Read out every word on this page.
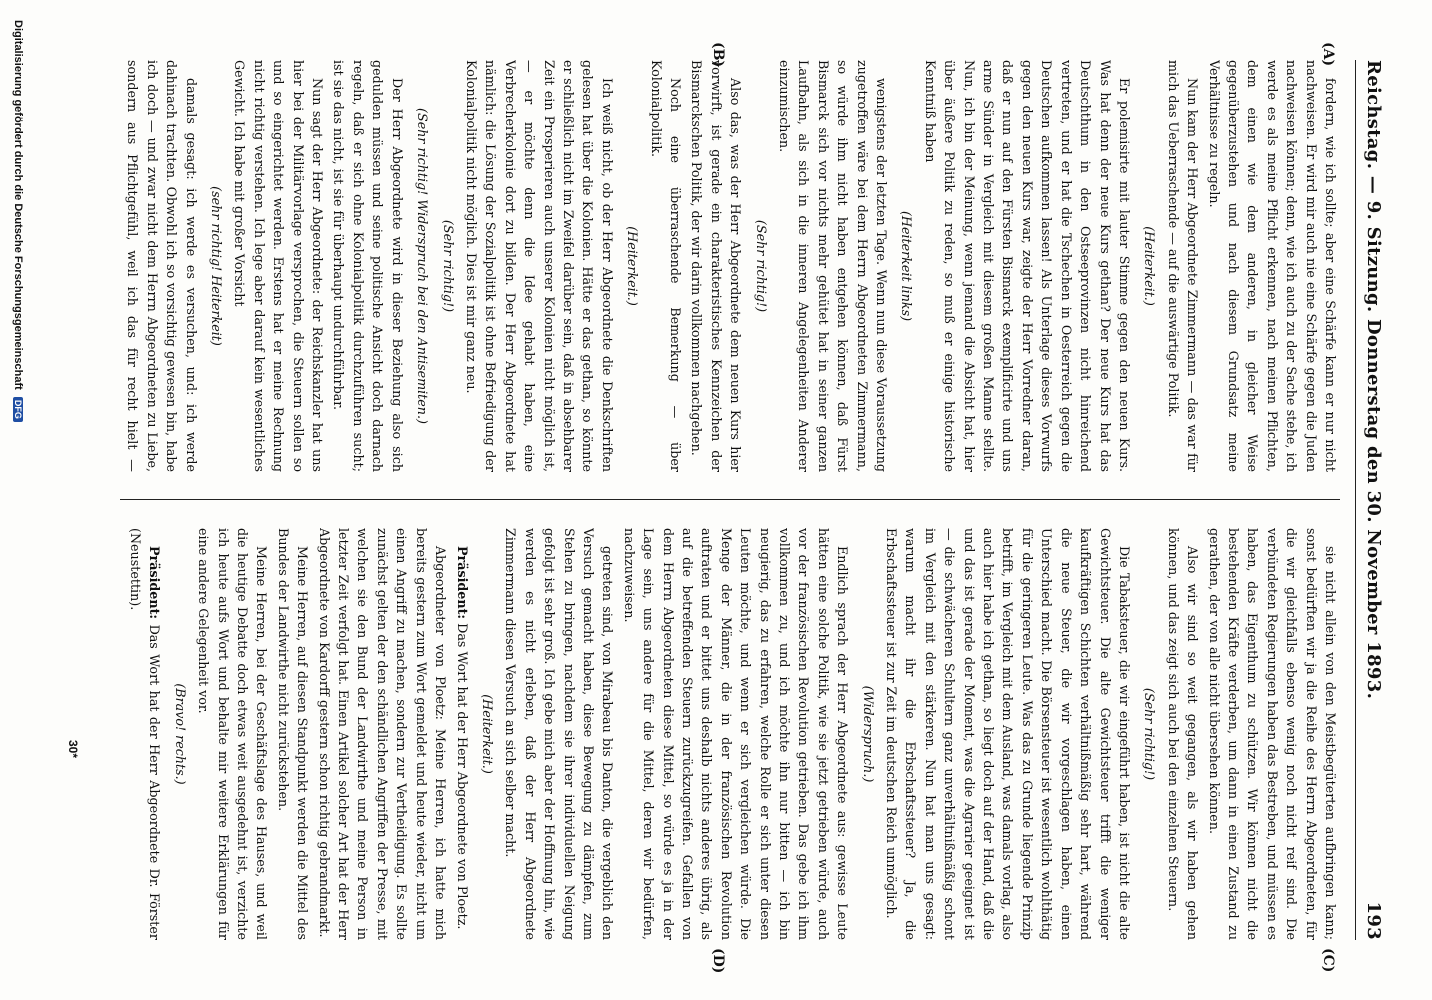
Reichstag. — 9. Sitzung. Donnerstag den 30. November 1893.
193
(A)
(B)
(C)
(D)

fordern, wie ich sollte; aber eine Schärfe kann er nur nicht nachweisen. Er wird mir auch nie eine Schärfe gegen die Juden nachweisen können; denn, wie ich auch zu der Sache stehe, ich werde es als meine Pflicht erkennen, nach meinen Pflichten, dem einen wie dem anderen, in gleicher Weise gegenüberzustehen und nach diesem Grundsatz meine Verhältnisse zu regeln.

Nun kam der Herr Abgeordnete Zimmermann — das war für mich das Ueberraschende — auf die auswärtige Politik.

(Heiterkeit.)

Er polemisirte mit lauter Stimme gegen den neuen Kurs. Was hat denn der neue Kurs gethan? Der neue Kurs hat das Deutschthum in den Ostseeprovinzen nicht hinreichend vertreten, und er hat die Tschechen in Oesterreich gegen die Deutschen aufkommen lassen! Als Unterlage dieses Vorwurfs gegen den neuen Kurs war, zeigte der Herr Vorredner daran, daß er nun auf den Fürsten Bismarck exemplificirte und uns arme Sünder in Vergleich mit diesem großen Manne stellte. Nun, ich bin der Meinung, wenn jemand die Absicht hat, hier über äußere Politik zu reden, so muß er einige historische Kenntniß haben

(Heiterkeit links)

wenigstens der letzten Tage. Wenn nun diese Voraussetzung zugetroffen wäre bei dem Herrn Abgeordneten Zimmermann, so würde ihm nicht haben entgehen können, daß Fürst Bismarck sich vor nichts mehr gehütet hat in seiner ganzen Laufbahn, als sich in die inneren Angelegenheiten Anderer einzumischen.

(Sehr richtig!)

Also das, was der Herr Abgeordnete dem neuen Kurs hier vorwirft, ist gerade ein charakteristisches Kennzeichen der Bismarckschen Politik, der wir darin vollkommen nachgehen.

Noch eine überraschende Bemerkung — über Kolonialpolitik.

(Heiterkeit.)

Ich weiß nicht, ob der Herr Abgeordnete die Denkschriften gelesen hat über die Kolonien. Hätte er das gethan, so könnte er schließlich nicht im Zweifel darüber sein, daß in absehbarer Zeit ein Prosperieren auch unserer Kolonien nicht möglich ist, — er möchte denn die Idee gehabt haben, eine Verbrecherkolonie dort zu bilden. Der Herr Abgeordnete hat nämlich: die Lösung der Sozialpolitik ist ohne Befriedigung der Kolonialpolitik nicht möglich. Dies ist mir ganz neu.

(Sehr richtig!)

(Sehr richtig! Widerspruch bei den Antisemiten.)

Der Herr Abgeordnete wird in dieser Beziehung also sich gedulden müssen und seine politische Ansicht doch darnach regeln, daß er sich ohne Kolonialpolitik durchzuführen sucht; ist sie das nicht, ist sie für überhaupt undurchführbar.

Nun sagt der Herr Abgeordnete: der Reichskanzler hat uns hier bei der Militärvorlage versprochen, die Steuern sollen so und so eingerichtet werden. Erstens hat er meine Rechnung nicht richtig verstehen. Ich lege aber darauf kein wesentliches Gewicht. Ich habe mit großer Vorsicht

(sehr richtig! Heiterkeit)

damals gesagt: ich werde es versuchen, und: ich werde dahinach trachten. Obwohl ich so vorsichtig gewesen bin, habe ich doch — und zwar nicht dem Herrn Abgeordneten zu Liebe, sondern aus Pflichtgefühl, weil ich das für recht hielt —

sie nicht allein von den Meistbegüterten aufbringen kann; sonst bedürften wir ja die Reihe des Herrn Abgeordneten, für die wir gleichfalls ebenso wenig noch nicht reif sind. Die verbündeten Regierungen haben das Bestreben, und müssen es haben, das Eigenthum zu schützen. Wir können nicht die bestehenden Kräfte verderben, um dann in einen Zustand zu gerathen, der von alle nicht übersehen können.

Also wir sind so weit gegangen, als wir haben gehen können, und das zeigt sich auch bei den einzelnen Steuern.

(Sehr richtig!)

Die Tabaksteuer, die wir eingeführt haben, ist nicht die alte Gewichtsteuer. Die alte Gewichtsteuer trifft die weniger kaufkräftigen Schichten verhältnißmäßig sehr hart, während die neue Steuer, die wir vorgeschlagen haben, einen Unterschied macht. Die Börsensteuer ist wesentlich wohlthätig für die geringeren Leute. Was das zu Grunde liegende Prinzip betrifft, im Vergleich mit dem Ausland, was damals vorlag, also auch hier habe ich gethan, so liegt doch auf der Hand, daß die und das ist gerade der Moment, was die Agrarier geeignet ist — die schwächeren Schultern ganz unverhältnißmäßig schont im Vergleich mit den stärkeren. Nun hat man uns gesagt: warum macht ihr die Erbschaftssteuer? Ja, die Erbschaftssteuer ist zur Zeit im deutschen Reich unmöglich.

(Widerspruch.)

Endlich sprach der Herr Abgeordnete aus: gewisse Leute hätten eine solche Politik, wie sie jetzt getrieben würde, auch vor der französischen Revolution getrieben. Das gebe ich ihm vollkommen zu, und ich möchte ihn nur bitten — ich bin neugierig, das zu erfahren, welche Rolle er sich unter diesen Leuten möchte, und wenn er sich vergleichen würde. Die Menge der Männer, die in der französischen Revolution auftraten und er bittet uns deshalb nichts anderes übrig, als auf die betreffenden Steuern zurückzugreifen. Gefallen von dem Herrn Abgeordneten diese Mittel, so würde es ja in der Lage sein, uns andere für die Mittel, deren wir bedürfen, nachzuweisen.

getreten sind, von Mirabeau bis Danton, die vergeblich den Versuch gemacht haben, diese Bewegung zu dämpfen, zum Stehen zu bringen, nachdem sie ihrer individuellen Neigung gefolgt ist sehr groß. Ich gebe mich aber der Hoffnung hin, wie werden es nicht erleben, daß der Herr Abgeordnete Zimmermann diesen Versuch an sich selber macht.

(Heiterkeit.)

Präsident: Das Wort hat der Herr Abgeordnete von Ploetz.

Abgeordneter von Ploetz: Meine Herren, ich hatte mich bereits gestern zum Wort gemeldet und heute wieder, nicht um einen Angriff zu machen, sondern zur Vertheidigung. Es sollte zunächst gelten der den schändlichen Angriffen der Presse, mit welchen sie den Bund der Landwirthe und meine Person in letzter Zeit verfolgt hat. Einen Artikel solcher Art hat der Herr Abgeordnete von Kardorff gestern schon richtig gebrandmarkt.

Meine Herren, auf diesen Standpunkt werden die Mittel des Bundes der Landwirthe nicht zurückstehen.

Meine Herren, bei der Geschäftslage des Hauses, und weil die heutige Debatte doch etwas weit ausgedehnt ist, verzichte ich heute aufs Wort und behalte mir weitere Erklärungen für eine andere Gelegenheit vor.

(Bravo! rechts.)

Präsident: Das Wort hat der Herr Abgeordnete Dr. Förster (Neustettin).

30*
Digitalisierung gefördert durch die Deutsche Forschungsgemeinschaft DFG
